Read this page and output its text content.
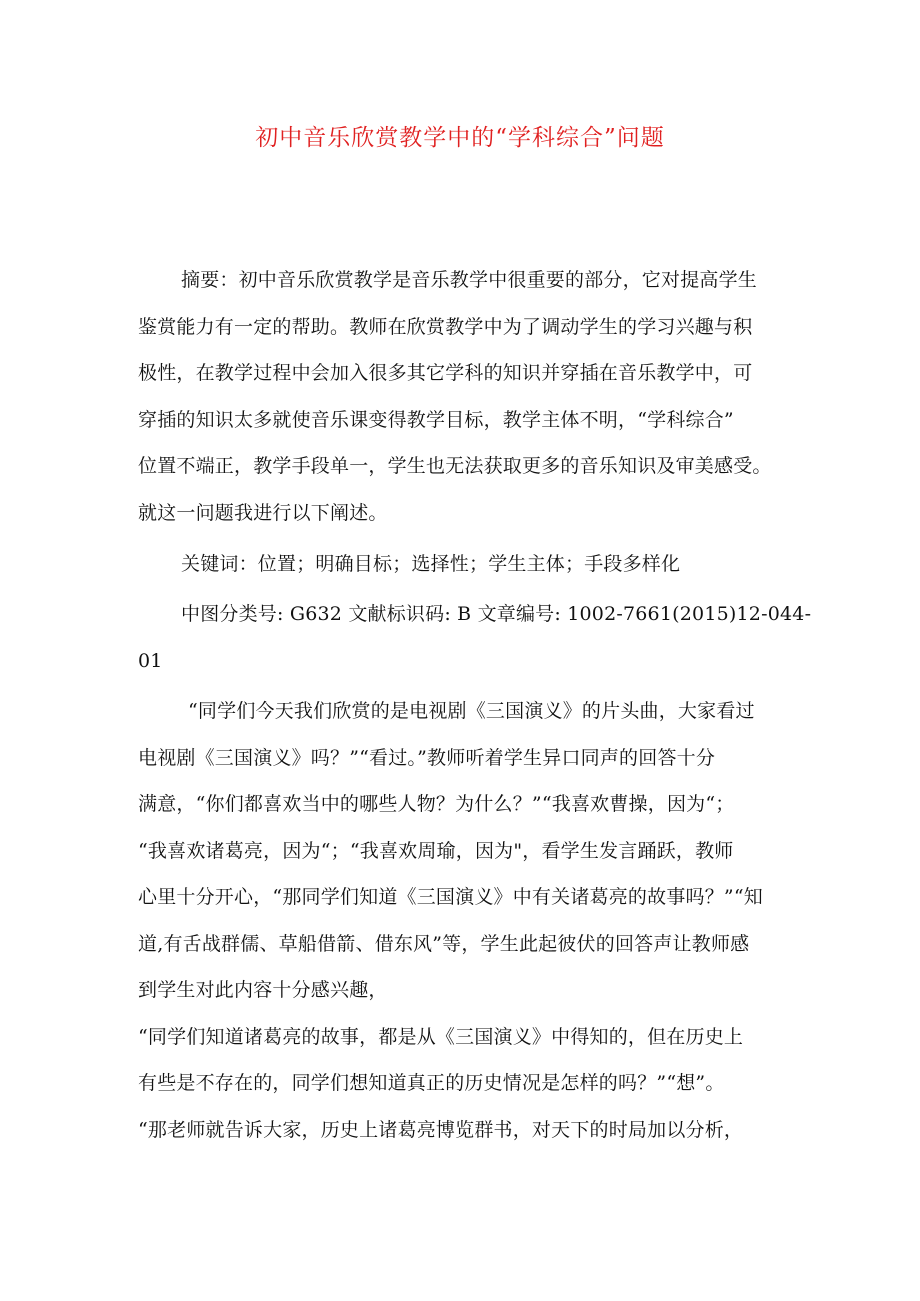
初中音乐欣赏教学中的“学科综合”问题
摘要：初中音乐欣赏教学是音乐教学中很重要的部分，它对提高学生
鉴赏能力有一定的帮助。教师在欣赏教学中为了调动学生的学习兴趣与积
极性，在教学过程中会加入很多其它学科的知识并穿插在音乐教学中，可
穿插的知识太多就使音乐课变得教学目标，教学主体不明，“学科综合”
位置不端正，教学手段单一，学生也无法获取更多的音乐知识及审美感受。
就这一问题我进行以下阐述。
关键词：位置；明确目标；选择性；学生主体；手段多样化
中图分类号: G632 文献标识码: B 文章编号: 1002-7661(2015)12-044-
01
“同学们今天我们欣赏的是电视剧《三国演义》的片头曲，大家看过
电视剧《三国演义》吗？”“看过。”教师听着学生异口同声的回答十分
满意，“你们都喜欢当中的哪些人物？为什么？”“我喜欢曹操，因为“；
“我喜欢诸葛亮，因为“；“我喜欢周瑜，因为"，看学生发言踊跃，教师
心里十分开心，“那同学们知道《三国演义》中有关诸葛亮的故事吗？”“知
道,有舌战群儒、草船借箭、借东风”等，学生此起彼伏的回答声让教师感
到学生对此内容十分感兴趣，
“同学们知道诸葛亮的故事，都是从《三国演义》中得知的，但在历史上
有些是不存在的，同学们想知道真正的历史情况是怎样的吗？”“想”。
“那老师就告诉大家，历史上诸葛亮博览群书，对天下的时局加以分析，
